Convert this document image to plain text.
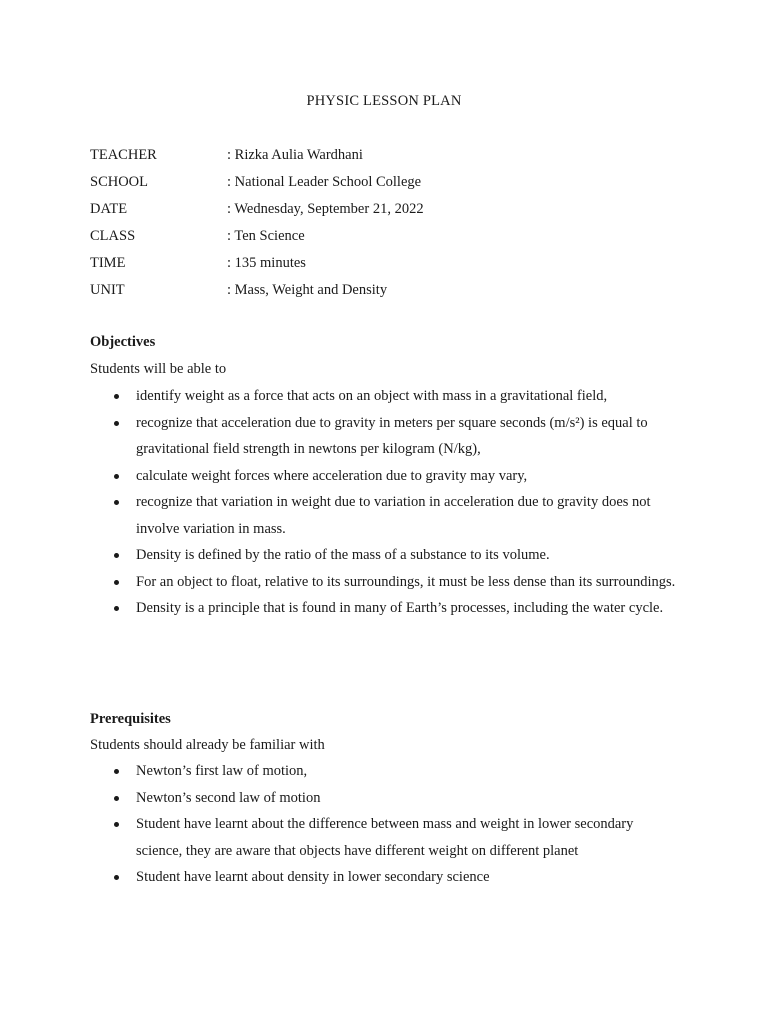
PHYSIC LESSON PLAN
TEACHER	: Rizka Aulia Wardhani
SCHOOL	: National Leader School College
DATE	: Wednesday, September 21, 2022
CLASS	: Ten Science
TIME	: 135 minutes
UNIT	: Mass, Weight and Density
Objectives
Students will be able to
identify weight as a force that acts on an object with mass in a gravitational field,
recognize that acceleration due to gravity in meters per square seconds (m/s²) is equal to gravitational field strength in newtons per kilogram (N/kg),
calculate weight forces where acceleration due to gravity may vary,
recognize that variation in weight due to variation in acceleration due to gravity does not involve variation in mass.
Density is defined by the ratio of the mass of a substance to its volume.
For an object to float, relative to its surroundings, it must be less dense than its surroundings.
Density is a principle that is found in many of Earth’s processes, including the water cycle.
Prerequisites
Students should already be familiar with
Newton’s first law of motion,
Newton’s second law of motion
Student have learnt about the difference between mass and weight in lower secondary science, they are aware that objects have different weight on different planet
Student have learnt about density in lower secondary science
